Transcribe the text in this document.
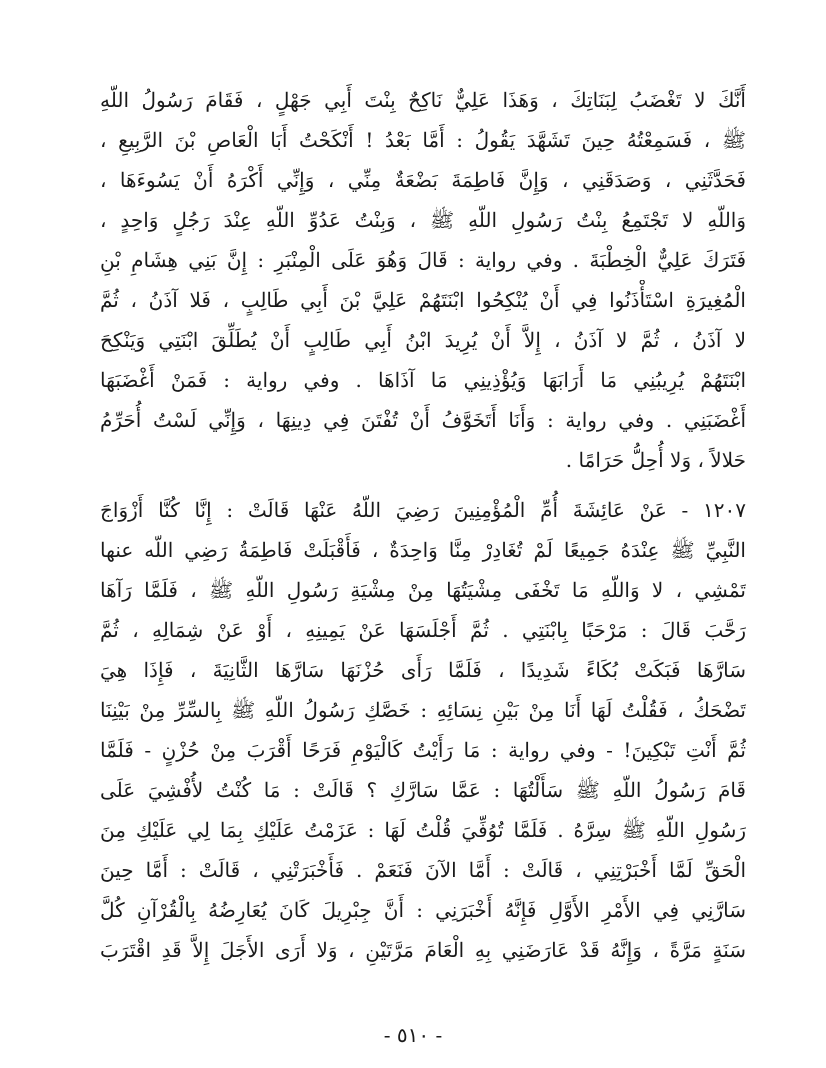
أَنَّكَ لا تَغْضَبُ لِبَنَاتِكَ ، وَهَذَا عَلِيٌّ نَاكِحٌ بِنْتَ أَبِي جَهْلٍ ، فَقَامَ رَسُولُ اللّهِ
ﷺ ، فَسَمِعْتُهُ حِينَ تَشَهَّدَ يَقُولُ : أَمَّا بَعْدُ ! أَنْكَحْتُ أَبَا الْعَاصِ بْنَ الرَّبِيعِ ،
فَحَدَّثَنِي ، وَصَدَقَنِي ، وَإِنَّ فَاطِمَةَ بَضْعَةٌ مِنِّي ، وَإِنِّي أَكْرَهُ أَنْ يَسُوءَهَا ،
وَاللّهِ لا تَجْتَمِعُ بِنْتُ رَسُولِ اللّهِ ﷺ ، وَبِنْتُ عَدُوِّ اللّهِ عِنْدَ رَجُلٍ وَاحِدٍ ،
فَتَرَكَ عَلِيٌّ الْخِطْبَةَ . وفي رواية : قَالَ وَهُوَ عَلَى الْمِنْبَرِ : إِنَّ بَنِي هِشَامِ بْنِ
الْمُغِيرَةِ اسْتَأْذَنُوا فِي أَنْ يُنْكِحُوا ابْنَتَهُمْ عَلِيَّ بْنَ أَبِي طَالِبٍ ، فَلا آذَنُ ، ثُمَّ
لا آذَنُ ، ثُمَّ لا آذَنُ ، إِلاَّ أَنْ يُرِيدَ ابْنُ أَبِي طَالِبٍ أَنْ يُطَلِّقَ ابْنَتِي وَيَنْكِحَ
ابْنَتَهُمْ يُرِيبُنِي مَا أَرَابَهَا وَيُؤْذِينِي مَا آذَاهَا . وفي رواية : فَمَنْ أَغْضَبَهَا
أَغْضَبَنِي . وفي رواية : وَأَنَا أَتَخَوَّفُ أَنْ تُفْتَنَ فِي دِينِهَا ، وَإِنِّي لَسْتُ أُحَرِّمُ
حَلالاً ، وَلا أُحِلُّ حَرَامًا .
١٢٠٧ - عَنْ عَائِشَةَ أُمِّ الْمُؤْمِنِينَ رَضِيَ اللّهُ عَنْهَا قَالَتْ : إِنَّا كُنَّا أَزْوَاجَ
النَّبِيِّ ﷺ عِنْدَهُ جَمِيعًا لَمْ تُغَادِرْ مِنَّا وَاحِدَةٌ ، فَأَقْبَلَتْ فَاطِمَةُ رَضِي اللّه عنها
تَمْشِي ، لا وَاللّهِ مَا تَخْفَى مِشْيَتُهَا مِنْ مِشْيَةِ رَسُولِ اللّهِ ﷺ ، فَلَمَّا رَآهَا
رَحَّبَ قَالَ : مَرْحَبًا بِابْنَتِي . ثُمَّ أَجْلَسَهَا عَنْ يَمِينِهِ ، أَوْ عَنْ شِمَالِهِ ، ثُمَّ
سَارَّهَا فَبَكَتْ بُكَاءً شَدِيدًا ، فَلَمَّا رَأَى حُزْنَهَا سَارَّهَا الثَّانِيَةَ ، فَإِذَا هِيَ
تَضْحَكُ ، فَقُلْتُ لَهَا أَنَا مِنْ بَيْنِ نِسَائِهِ : خَصَّكِ رَسُولُ اللّهِ ﷺ بِالسِّرِّ مِنْ بَيْنِنَا
ثُمَّ أَنْتِ تَبْكِينَ! - وفي رواية : مَا رَأَيْتُ كَالْيَوْمِ فَرَحًا أَقْرَبَ مِنْ حُزْنٍ - فَلَمَّا
قَامَ رَسُولُ اللّهِ ﷺ سَأَلْتُهَا : عَمَّا سَارَّكِ ؟ قَالَتْ : مَا كُنْتُ لأُفْشِيَ عَلَى
رَسُولِ اللّهِ ﷺ سِرَّهُ . فَلَمَّا تُوُفِّيَ قُلْتُ لَهَا : عَزَمْتُ عَلَيْكِ بِمَا لِي عَلَيْكِ مِنَ
الْحَقِّ لَمَّا أَخْبَرْتِنِي ، قَالَتْ : أَمَّا الآنَ فَنَعَمْ . فَأَخْبَرَتْنِي ، قَالَتْ : أَمَّا حِينَ
سَارَّنِي فِي الأَمْرِ الأَوَّلِ فَإِنَّهُ أَخْبَرَنِي : أَنَّ جِبْرِيلَ كَانَ يُعَارِضُهُ بِالْقُرْآنِ كُلَّ
سَنَةٍ مَرَّةً ، وَإِنَّهُ قَدْ عَارَضَنِي بِهِ الْعَامَ مَرَّتَيْنِ ، وَلا أَرَى الأَجَلَ إِلاَّ قَدِ اقْتَرَبَ
- ٥١٠ -
